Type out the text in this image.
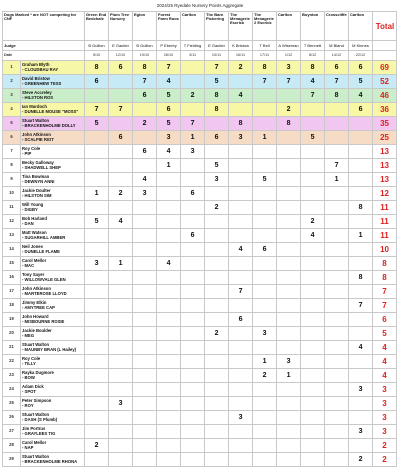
2024/25 Ryedale Nursery Points Aggregate
Dogs Marked * are NOT competing for CNF		Green End Bedchale	Plum Tree Nursery	Eglon	Forest Farm Roos	Carlton	The Barn Pickering	The Menagerie Escrick	The Menagerie 2 Escrick	Carlton	Boynton	Crosscliffe	Carlton	Total
Judge		B Gullion	E Gautier	B Gullion	P Eberby	T Fielding	E Gautier	K Bristow	T Bell	A Wiseman	T Bennett	M Bland	M Kinnes	
Date		5/10	12/10	19/10	26/10	3/11	10/11	16/11	17/11	1/12	8/12	14/12	22/12	
1	Graham Blyth
- CLOUDBAU RAY	8	6	8	7		7	2	8	3	8	6	6	69
2	David Bristow
- GREENHEW TESS	6		7	4		5		7	7	4	7	5	52
3	Steve Accreley
- HILSTON ROS			6	5	2	8	4			7	8	4	46
4	Ian Murdoch
- DUNELLE MOUSE "MOSS"	7	7		6		8			2			6	36
5	Stuart Walton
- BRACKENHOLME DOLLY	5		2	5	7		8		8				35
6	John Atkinson
- SCALPIE RIOT		6		3	1	6	3	1		5			25
7	Roy Cole
- PIP			6	4	3								13
8	Becky Galloway
- SHADWELL SHEP				1		5					7		13
9	Tina Bowman
- DEWNYN ANNI			4			3		5			1		13
10	Jackie Doulter
- HILSTON SIM	1	2	3		6								12
11	Will Young
- DIGBY						2						8	11
12	Bob Harland
- DAN	5	4								2			11
13	Matt Watson
- SUGARHILL AMBER					6					4		1	11
14	Neil Jones
- DUNELLE FLAME							4	6					10
15	Carol Mellor
- MAC	3	1		4									8
16	Tony Sayer
- WILLOWVALE GLEN												8	8
17	John Atkinson
- MARTEROSE LLOYD							7						7
18	Jimmy Elkin
- AMYTREE CAP												7	7
19	John Howard
- MISBOURNE ROSIE							6						6
20	Jackie Boulder
- MEG						2		3					5
21	Stuart Walton
- MAUNBY BRAN (L Hailey)												4	4
22	Roy Cole
- TILLY								1	3				4
23	Rayka Dugmore
- BOW								2	1				4
24	Adam Dick
- SPOT												3	3
25	Peter Simpson
- ROY		3											3
26	Stuart Walton
- DASH (S Plumb)							3						3
27	Jim Portrus
- GRAYLEES TIG												3	3
28	Carol Mellor
- NAP	2												2
29	Stuart Walton
- BRACKENHOLME RHONA												2	2
